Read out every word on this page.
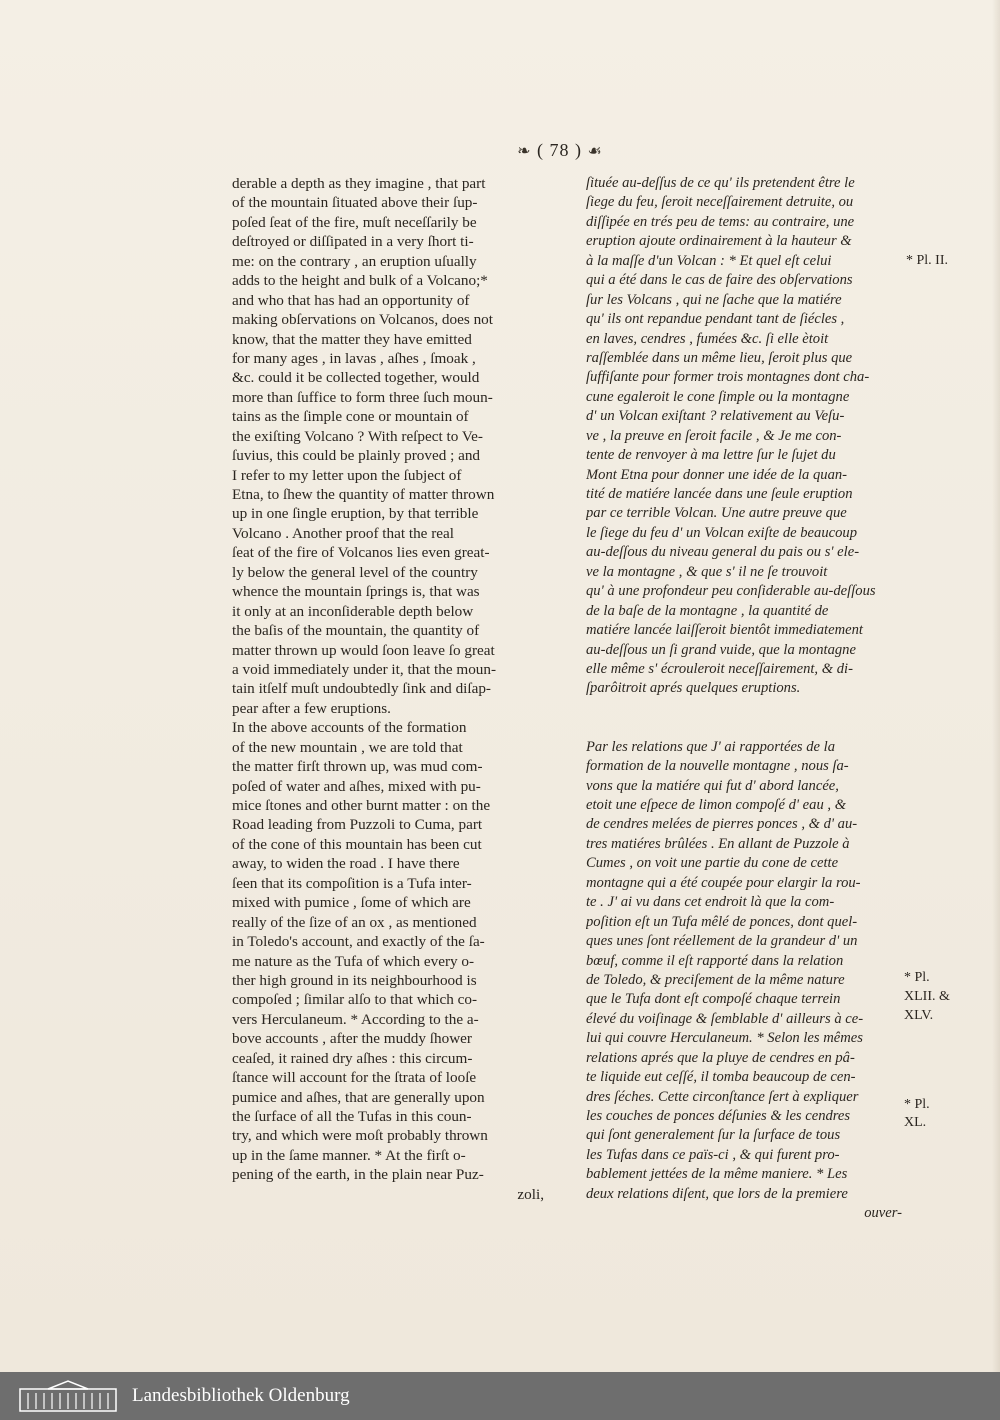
❧ ( 78 ) ☙
derable a depth as they imagine , that part
of the mountain ſituated above their ſup-
poſed ſeat of the fire, muſt neceſſarily be
deſtroyed or diſſipated in a very ſhort ti-
me: on the contrary , an eruption uſually
adds to the height and bulk of a Volcano;*
and who that has had an opportunity of
making obſervations on Volcanos, does not
know, that the matter they have emitted
for many ages , in lavas , aſhes , ſmoak ,
&c. could it be collected together, would
more than ſuffice to form three ſuch moun-
tains as the ſimple cone or mountain of
the exiſting Volcano ? With reſpect to Ve-
ſuvius, this could be plainly proved ; and
I refer to my letter upon the ſubject of
Etna, to ſhew the quantity of matter thrown
up in one ſingle eruption, by that terrible
Volcano . Another proof that the real
ſeat of the fire of Volcanos lies even great-
ly below the general level of the country
whence the mountain ſprings is, that was
it only at an inconſiderable depth below
the baſis of the mountain, the quantity of
matter thrown up would ſoon leave ſo great
a void immediately under it, that the moun-
tain itſelf muſt undoubtedly ſink and diſap-
pear after a few eruptions.
In the above accounts of the formation
of the new mountain , we are told that
the matter firſt thrown up, was mud com-
poſed of water and aſhes, mixed with pu-
mice ſtones and other burnt matter : on the
Road leading from Puzzoli to Cuma, part
of the cone of this mountain has been cut
away, to widen the road . I have there
ſeen that its compoſition is a Tufa inter-
mixed with pumice , ſome of which are
really of the ſize of an ox , as mentioned
in Toledo's account, and exactly of the ſa-
me nature as the Tufa of which every o-
ther high ground in its neighbourhood is
compoſed ; ſimilar alſo to that which co-
vers Herculaneum. * According to the a-
bove accounts , after the muddy ſhower
ceaſed, it rained dry aſhes : this circum-
ſtance will account for the ſtrata of looſe
pumice and aſhes, that are generally upon
the ſurface of all the Tufas in this coun-
try, and which were moſt probably thrown
up in the ſame manner. * At the firſt o-
pening of the earth, in the plain near Puz-
zoli,
ſituée au-deſſus de ce qu' ils pretendent être le
ſiege du feu, ſeroit neceſſairement detruite, ou
diſſipée en trés peu de tems: au contraire, une
eruption ajoute ordinairement à la hauteur &
à la maſſe d'un Volcan : * Et quel eſt celui
qui a été dans le cas de faire des obſervations
ſur les Volcans , qui ne ſache que la matiére
qu' ils ont repandue pendant tant de ſiécles ,
en laves, cendres , fumées &c. ſi elle ètoit
raſſemblée dans un même lieu, ſeroit plus que
ſuffiſante pour former trois montagnes dont cha-
cune egaleroit le cone ſimple ou la montagne
d' un Volcan exiſtant ? relativement au Veſu-
ve , la preuve en ſeroit facile , & Je me con-
tente de renvoyer à ma lettre ſur le ſujet du
Mont Etna pour donner une idée de la quan-
tité de matiére lancée dans une ſeule eruption
par ce terrible Volcan. Une autre preuve que
le ſiege du feu d' un Volcan exiſte de beaucoup
au-deſſous du niveau general du pais ou s' ele-
ve la montagne , & que s' il ne ſe trouvoit
qu' à une profondeur peu conſiderable au-deſſous
de la baſe de la montagne , la quantité de
matiére lancée laiſſeroit bientôt immediatement
au-deſſous un ſi grand vuide, que la montagne
elle même s' écrouleroit neceſſairement, & di-
ſparôitroit aprés quelques eruptions.
Par les relations que J' ai rapportées de la
formation de la nouvelle montagne , nous ſa-
vons que la matiére qui fut d' abord lancée,
etoit une eſpece de limon compoſé d' eau , &
de cendres melées de pierres ponces , & d' au-
tres matiéres brûlées . En allant de Puzzole à
Cumes , on voit une partie du cone de cette
montagne qui a été coupée pour elargir la rou-
te . J' ai vu dans cet endroit là que la com-
poſition eſt un Tufa mêlé de ponces, dont quel-
ques unes ſont réellement de la grandeur d' un
bœuf, comme il eſt rapporté dans la relation
de Toledo, & preciſement de la même nature
que le Tufa dont eſt compoſé chaque terrein
élevé du voiſinage & ſemblable d' ailleurs à ce-
lui qui couvre Herculaneum. * Selon les mêmes
relations aprés que la pluye de cendres en pâ-
te liquide eut ceſſé, il tomba beaucoup de cen-
dres ſéches. Cette circonſtance ſert à expliquer
les couches de ponces déſunies & les cendres
qui ſont generalement ſur la ſurface de tous
les Tufas dans ce païs-ci , & qui furent pro-
bablement jettées de la même maniere. * Les
deux relations diſent, que lors de la premiere
ouver-
* Pl. II.
* Pl.
XLII. &
XLV.
* Pl.
XL.
Landesbibliothek Oldenburg
